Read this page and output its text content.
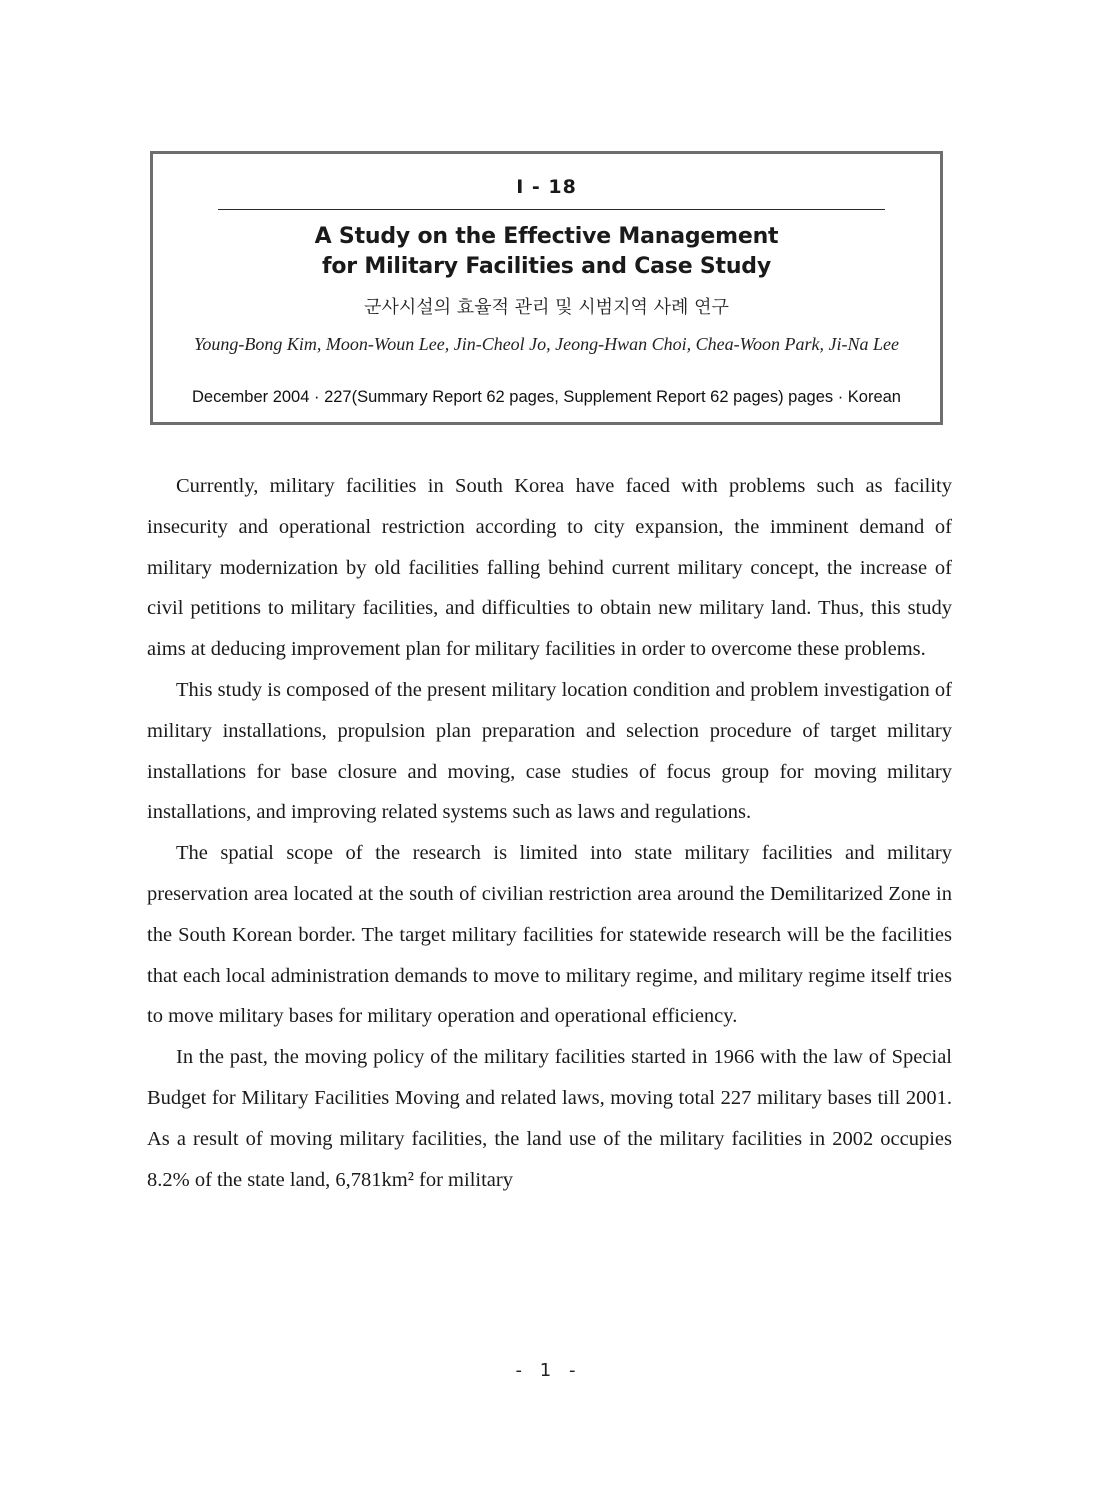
I - 18
A Study on the Effective Management
for Military Facilities and Case Study
군사시설의 효율적 관리 및 시범지역 사례 연구
Young-Bong Kim, Moon-Woun Lee, Jin-Cheol Jo, Jeong-Hwan Choi, Chea-Woon Park, Ji-Na Lee
December 2004 · 227(Summary Report 62 pages, Supplement Report 62 pages) pages · Korean

Currently, military facilities in South Korea have faced with problems such as facility insecurity and operational restriction according to city expansion, the imminent demand of military modernization by old facilities falling behind current military concept, the increase of civil petitions to military facilities, and difficulties to obtain new military land. Thus, this study aims at deducing improvement plan for military facilities in order to overcome these problems.

This study is composed of the present military location condition and problem investigation of military installations, propulsion plan preparation and selection procedure of target military installations for base closure and moving, case studies of focus group for moving military installations, and improving related systems such as laws and regulations.

The spatial scope of the research is limited into state military facilities and military preservation area located at the south of civilian restriction area around the Demilitarized Zone in the South Korean border. The target military facilities for statewide research will be the facilities that each local administration demands to move to military regime, and military regime itself tries to move military bases for military operation and operational efficiency.

In the past, the moving policy of the military facilities started in 1966 with the law of Special Budget for Military Facilities Moving and related laws, moving total 227 military bases till 2001. As a result of moving military facilities, the land use of the military facilities in 2002 occupies 8.2% of the state land, 6,781km² for military

- 1 -
